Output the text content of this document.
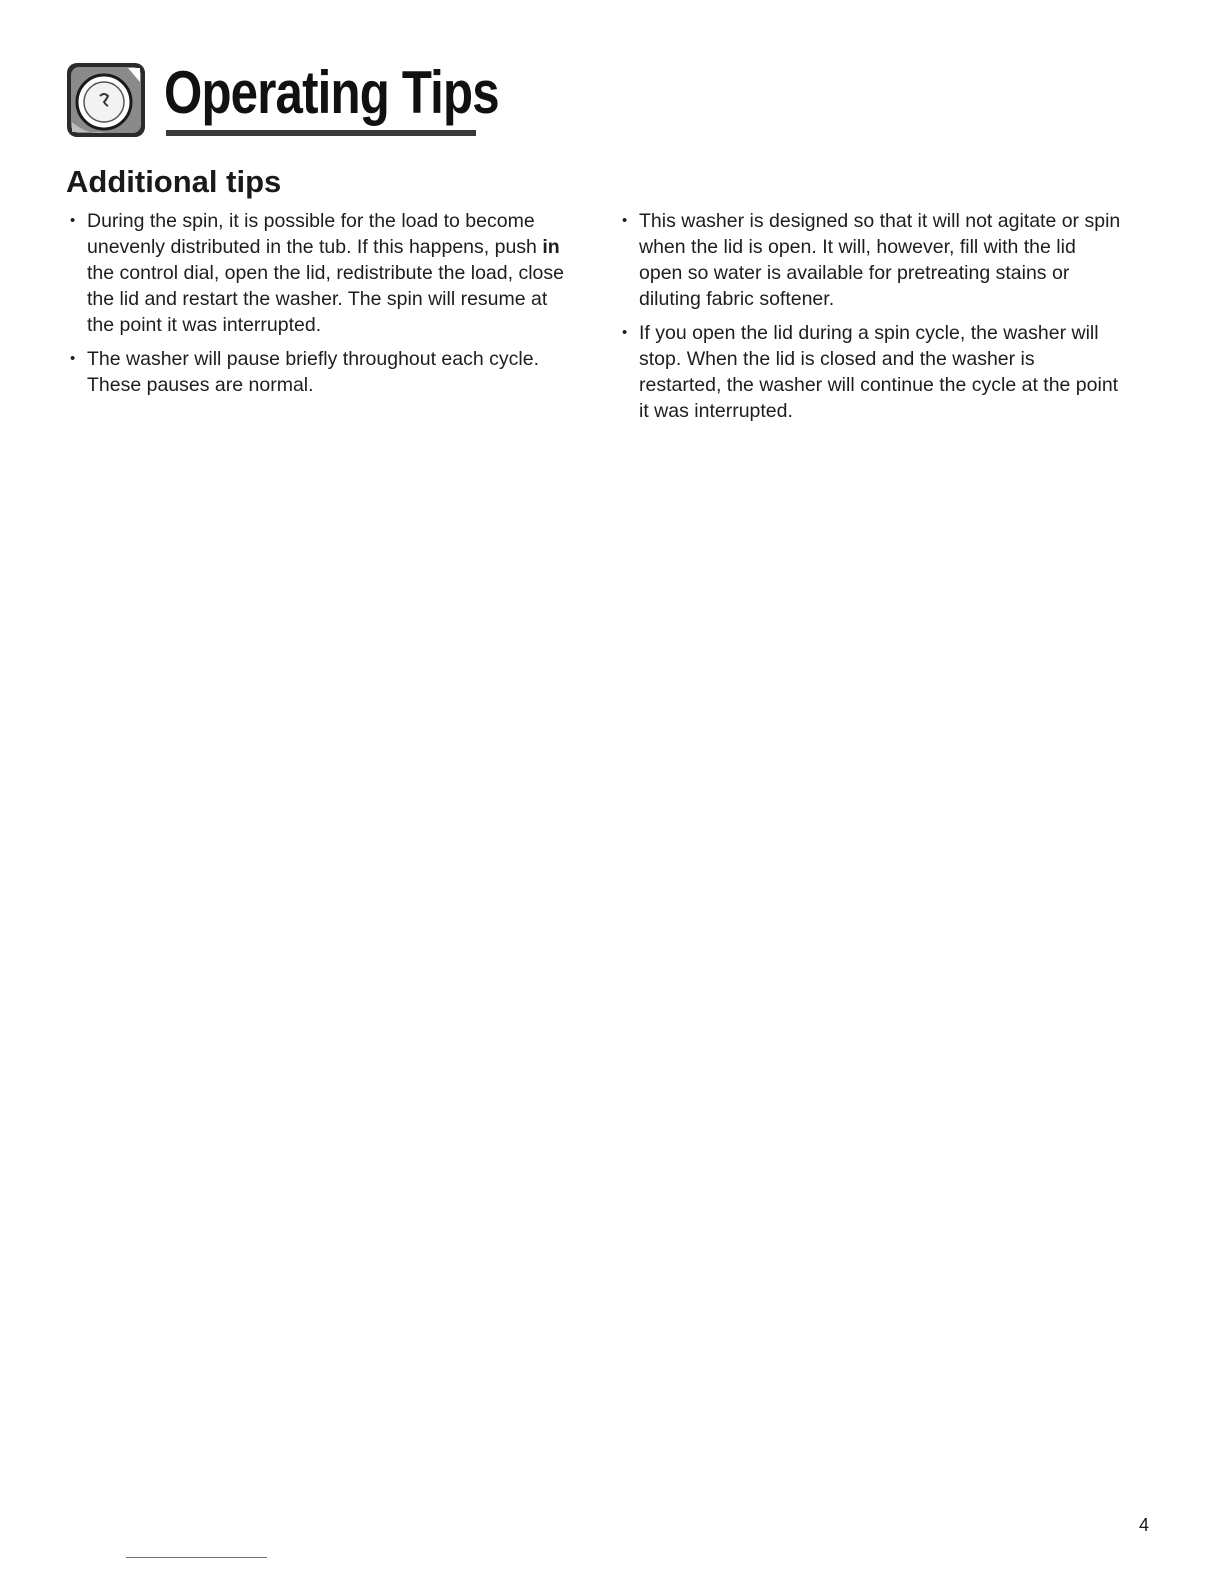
Operating Tips
Additional tips
• During the spin, it is possible for the load to become unevenly distributed in the tub. If this happens, push in the control dial, open the lid, redistribute the load, close the lid and restart the washer. The spin will resume at the point it was interrupted.
• The washer will pause briefly throughout each cycle. These pauses are normal.
• This washer is designed so that it will not agitate or spin when the lid is open. It will, however, fill with the lid open so water is available for pretreating stains or diluting fabric softener.
• If you open the lid during a spin cycle, the washer will stop. When the lid is closed and the washer is restarted, the washer will continue the cycle at the point it was interrupted.
4
